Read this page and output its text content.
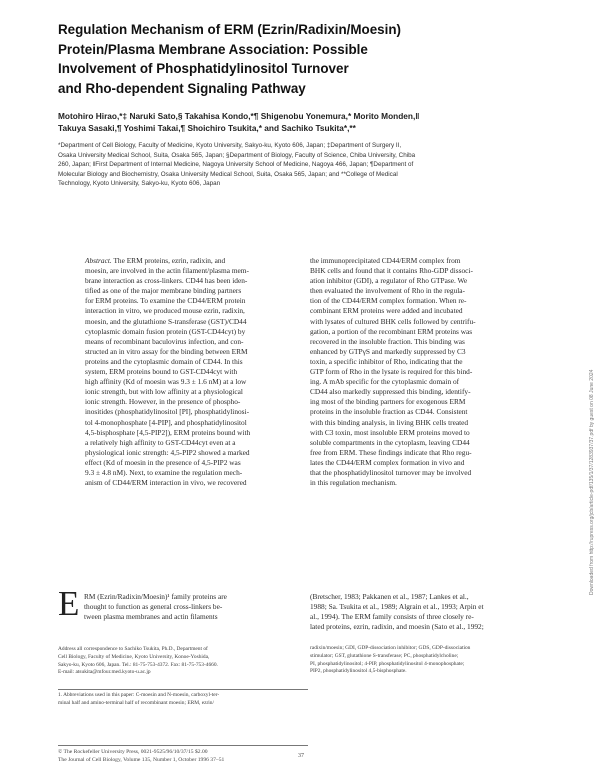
Regulation Mechanism of ERM (Ezrin/Radixin/Moesin)
Protein/Plasma Membrane Association: Possible
Involvement of Phosphatidylinositol Turnover
and Rho-dependent Signaling Pathway
Motohiro Hirao,*‡ Naruki Sato,§ Takahisa Kondo,*¶ Shigenobu Yonemura,* Morito Monden,‖
Takuya Sasaki,¶ Yoshimi Takai,¶ Shoichiro Tsukita,* and Sachiko Tsukita*,**
*Department of Cell Biology, Faculty of Medicine, Kyoto University, Sakyo-ku, Kyoto 606, Japan; ‡Department of Surgery II,
Osaka University Medical School, Suita, Osaka 565, Japan; §Department of Biology, Faculty of Science, Chiba University, Chiba
260, Japan; ‖First Department of Internal Medicine, Nagoya University School of Medicine, Nagoya 466, Japan; ¶Department of
Molecular Biology and Biochemistry, Osaka University Medical School, Suita, Osaka 565, Japan; and **College of Medical
Technology, Kyoto University, Sakyo-ku, Kyoto 606, Japan
Abstract. The ERM proteins, ezrin, radixin, and
moesin, are involved in the actin filament/plasma mem-
brane interaction as cross-linkers. CD44 has been iden-
tified as one of the major membrane binding partners
for ERM proteins. To examine the CD44/ERM protein
interaction in vitro, we produced mouse ezrin, radixin,
moesin, and the glutathione S-transferase (GST)/CD44
cytoplasmic domain fusion protein (GST-CD44cyt) by
means of recombinant baculovirus infection, and con-
structed an in vitro assay for the binding between ERM
proteins and the cytoplasmic domain of CD44. In this
system, ERM proteins bound to GST-CD44cyt with
high affinity (Kd of moesin was 9.3 ± 1.6 nM) at a low
ionic strength, but with low affinity at a physiological
ionic strength. However, in the presence of phospho-
inositides (phosphatidylinositol [PI], phosphatidylinosi-
tol 4-monophosphate [4-PIP], and phosphatidylinositol
4,5-bisphosphate [4,5-PIP2]), ERM proteins bound with
a relatively high affinity to GST-CD44cyt even at a
physiological ionic strength: 4,5-PIP2 showed a marked
effect (Kd of moesin in the presence of 4,5-PIP2 was
9.3 ± 4.8 nM). Next, to examine the regulation mech-
anism of CD44/ERM interaction in vivo, we recovered
the immunoprecipitated CD44/ERM complex from
BHK cells and found that it contains Rho-GDP dissoci-
ation inhibitor (GDI), a regulator of Rho GTPase. We
then evaluated the involvement of Rho in the regula-
tion of the CD44/ERM complex formation. When re-
combinant ERM proteins were added and incubated
with lysates of cultured BHK cells followed by centrifu-
gation, a portion of the recombinant ERM proteins was
recovered in the insoluble fraction. This binding was
enhanced by GTPγS and markedly suppressed by C3
toxin, a specific inhibitor of Rho, indicating that the
GTP form of Rho in the lysate is required for this bind-
ing. A mAb specific for the cytoplasmic domain of
CD44 also markedly suppressed this binding, identify-
ing most of the binding partners for exogenous ERM
proteins in the insoluble fraction as CD44. Consistent
with this binding analysis, in living BHK cells treated
with C3 toxin, most insoluble ERM proteins moved to
soluble compartments in the cytoplasm, leaving CD44
free from ERM. These findings indicate that Rho regu-
lates the CD44/ERM complex formation in vivo and
that the phosphatidylinositol turnover may be involved
in this regulation mechanism.
E RM (Ezrin/Radixin/Moesin)¹ family proteins are
thought to function as general cross-linkers be-
tween plasma membranes and actin filaments
(Bretscher, 1983; Pakkanen et al., 1987; Lankes et al.,
1988; Sa. Tsukita et al., 1989; Algrain et al., 1993; Arpin et
al., 1994). The ERM family consists of three closely re-
lated proteins, ezrin, radixin, and moesin (Sato et al., 1992;
Address all correspondence to Sachiko Tsukita, Ph.D., Department of
Cell Biology, Faculty of Medicine, Kyoto University, Konoe-Yoshida,
Sakyo-ku, Kyoto 606, Japan. Tel.: 81-75-753-4372. Fax: 81-75-753-4660.
E-mail: atsukita@mfour.med.kyoto-u.ac.jp
1. Abbreviations used in this paper: C-moesin and N-moesin, carboxyl-ter-
minal half and amino-terminal half of recombinant moesin; ERM, ezrin/
radixin/moesin; GDI, GDP-dissociation inhibitor; GDS, GDP-dissociation
stimulator; GST, glutathione S-transferase; PC, phosphatidylcholine;
PI, phosphatidylinositol; 4-PIP, phosphatidylinositol 4-monophosphate;
PIP2, phosphatidylinositol 4,5-bisphosphate.
© The Rockefeller University Press, 0021-9525/96/10/37/15 $2.00
The Journal of Cell Biology, Volume 135, Number 1, October 1996 37–51
37
Downloaded from http://rupress.org/jcb/article-pdf/135/1/37/1283937/37.pdf by guest on 08 June 2024
